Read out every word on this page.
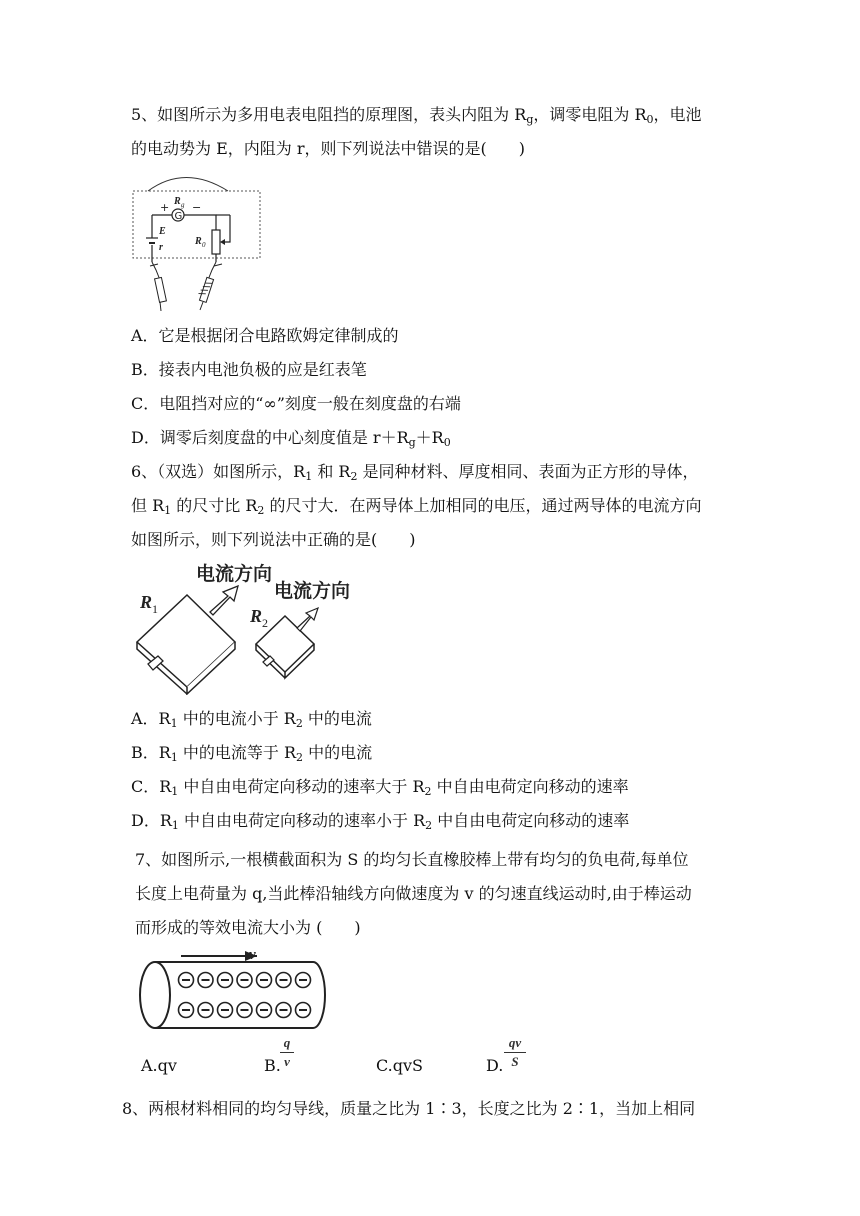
5、如图所示为多用电表电阻挡的原理图，表头内阻为 $R_g$，调零电阻为 $R_0$，电池
的电动势为 E，内阻为 r，则下列说法中错误的是(　　)
G
R g
+ −
E
r
R 0
A．它是根据闭合电路欧姆定律制成的
B．接表内电池负极的应是红表笔
C．电阻挡对应的“∞”刻度一般在刻度盘的右端
D．调零后刻度盘的中心刻度值是 $r+R_g+R_0$
6、（双选）如图所示，$R_1$ 和 $R_2$ 是同种材料、厚度相同、表面为正方形的导体，
但 $R_1$ 的尺寸比 $R_2$ 的尺寸大．在两导体上加相同的电压，通过两导体的电流方向
如图所示，则下列说法中正确的是(　　)
电流方向
电流方向
R 1	R 2
A．$R_1$ 中的电流小于 $R_2$ 中的电流
B．$R_1$ 中的电流等于 $R_2$ 中的电流
C．$R_1$ 中自由电荷定向移动的速率大于 $R_2$ 中自由电荷定向移动的速率
D．$R_1$ 中自由电荷定向移动的速率小于 $R_2$ 中自由电荷定向移动的速率
7、如图所示,一根横截面积为 S 的均匀长直橡胶棒上带有均匀的负电荷,每单位
长度上电荷量为 q,当此棒沿轴线方向做速度为 v 的匀速直线运动时,由于棒运动
而形成的等效电流大小为 (　　)
v
A.qv	B.
q
v	C.qvS	D.
qv
S
8、两根材料相同的均匀导线，质量之比为 1∶3，长度之比为 2∶1，当加上相同
